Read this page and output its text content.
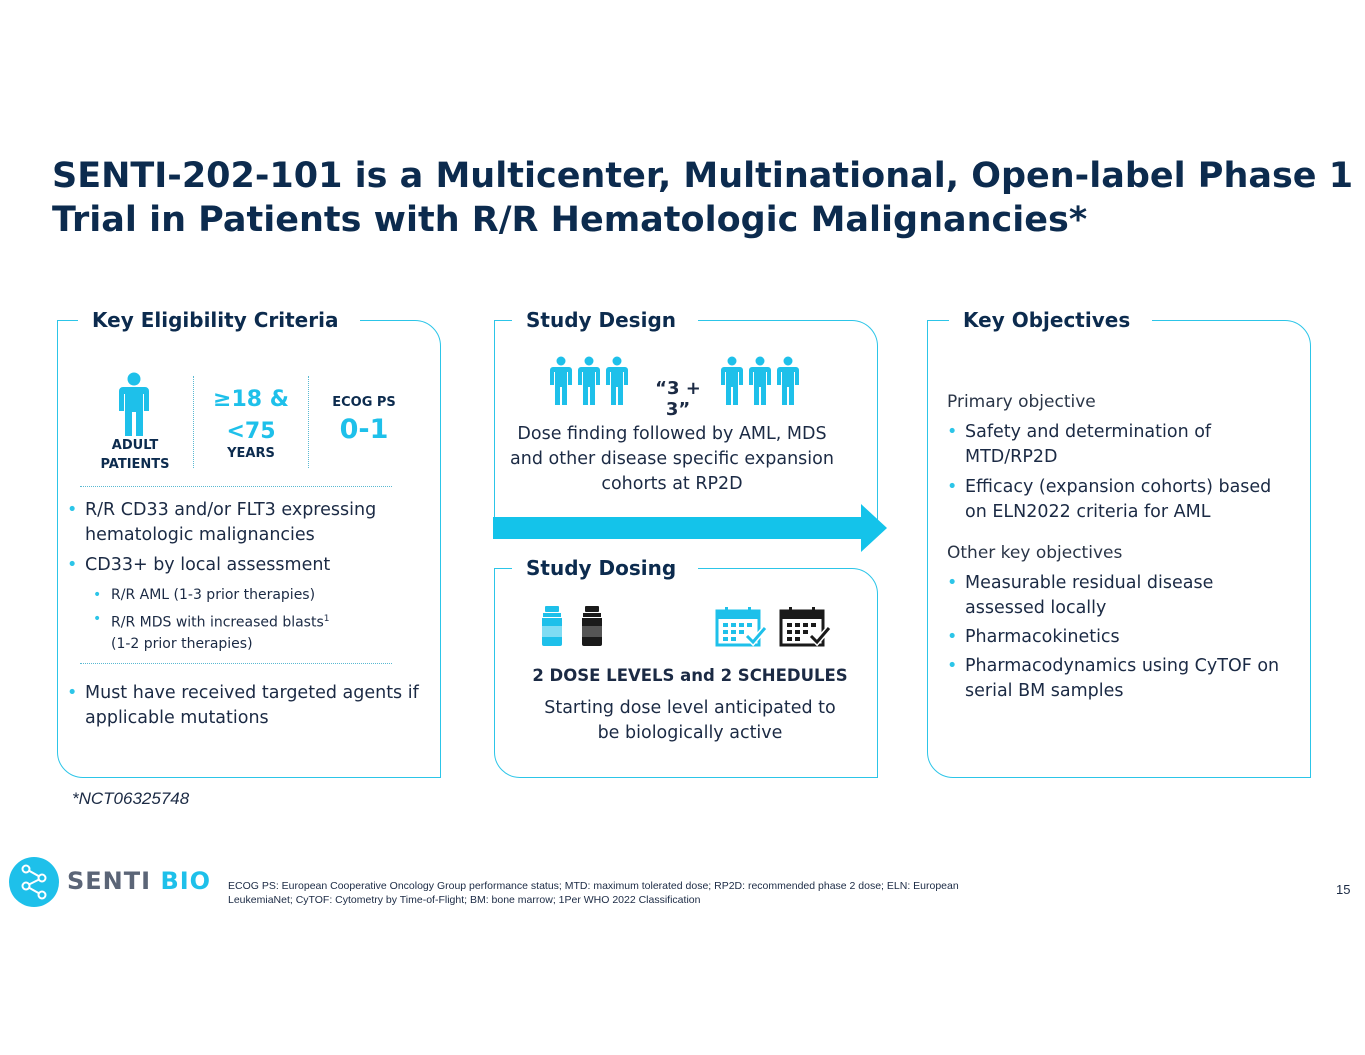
SENTI-202-101 is a Multicenter, Multinational, Open-label Phase 1
Trial in Patients with R/R Hematologic Malignancies*
Key Eligibility Criteria
ADULT
PATIENTS
≥18 &
<75
YEARS
ECOG PS
0-1
• R/R CD33 and/or FLT3 expressing hematologic malignancies
• CD33+ by local assessment
• R/R AML (1-3 prior therapies)
• R/R MDS with increased blasts$^1$
(1-2 prior therapies)
• Must have received targeted agents if applicable mutations
Study Design
“3 + 3”
Dose finding followed by AML, MDS and other disease specific expansion cohorts at RP2D
Study Dosing
2 DOSE LEVELS and 2 SCHEDULES
Starting dose level anticipated to be biologically active
Key Objectives
Primary objective
• Safety and determination of MTD/RP2D
• Efficacy (expansion cohorts) based on ELN2022 criteria for AML
Other key objectives
• Measurable residual disease assessed locally
• Pharmacokinetics
• Pharmacodynamics using CyTOF on serial BM samples
*NCT06325748
SENTI BIO ECOG PS: European Cooperative Oncology Group performance status; MTD: maximum tolerated dose; RP2D: recommended phase 2 dose; ELN: European LeukemiaNet; CyTOF: Cytometry by Time-of-Flight; BM: bone marrow; 1Per WHO 2022 Classification
15
